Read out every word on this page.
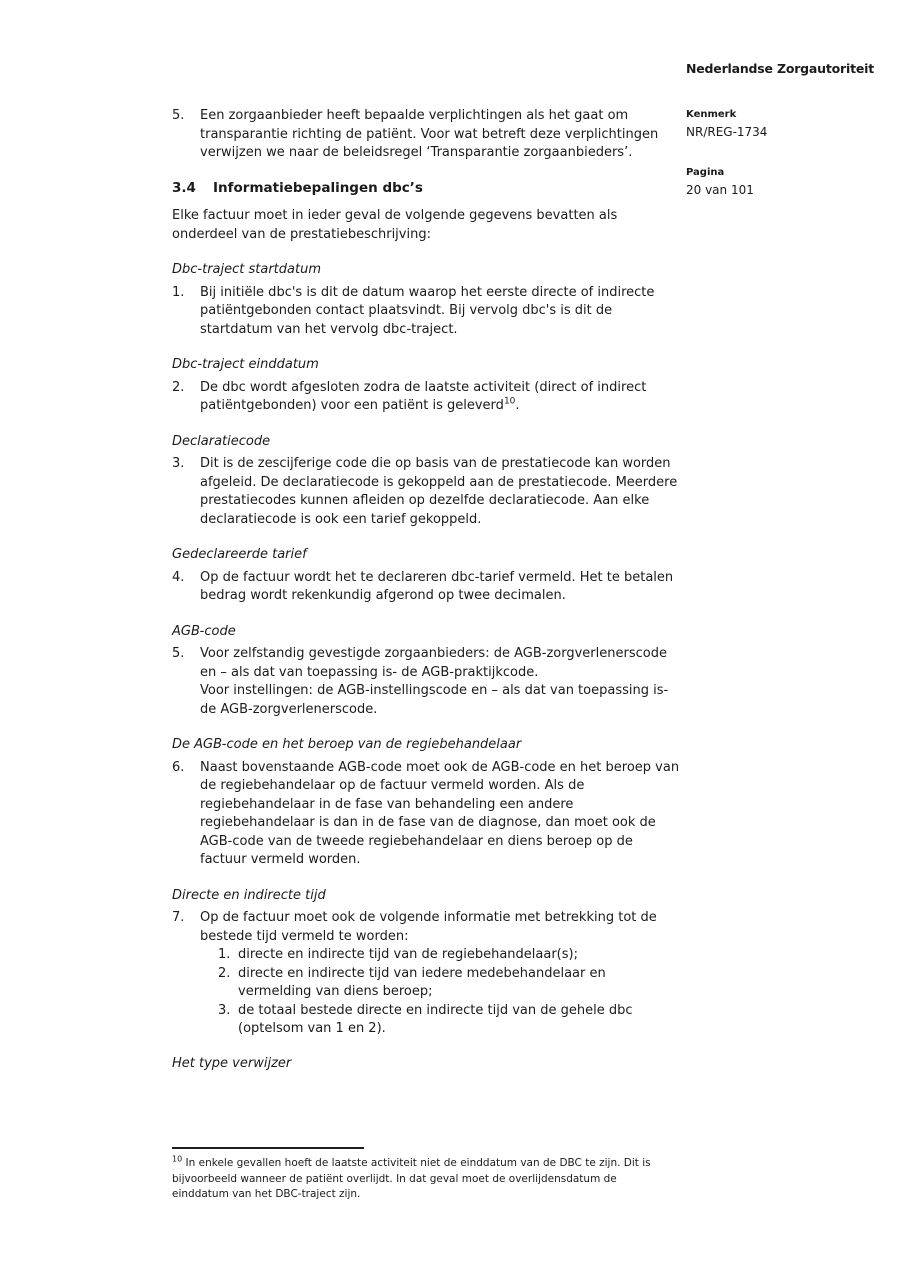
Nederlandse Zorgautoriteit
Kenmerk
NR/REG-1734
Pagina
20 van 101
5.	Een zorgaanbieder heeft bepaalde verplichtingen als het gaat om transparantie richting de patiënt. Voor wat betreft deze verplichtingen verwijzen we naar de beleidsregel ‘Transparantie zorgaanbieders’.
3.4	Informatiebepalingen dbc’s
Elke factuur moet in ieder geval de volgende gegevens bevatten als onderdeel van de prestatiebeschrijving:
Dbc-traject startdatum
1.	Bij initiële dbc's is dit de datum waarop het eerste directe of indirecte patiëntgebonden contact plaatsvindt. Bij vervolg dbc's is dit de startdatum van het vervolg dbc-traject.
Dbc-traject einddatum
2.	De dbc wordt afgesloten zodra de laatste activiteit (direct of indirect patiëntgebonden) voor een patiënt is geleverd$^{10}$.
Declaratiecode
3.	Dit is de zescijferige code die op basis van de prestatiecode kan worden afgeleid. De declaratiecode is gekoppeld aan de prestatiecode. Meerdere prestatiecodes kunnen afleiden op dezelfde declaratiecode. Aan elke declaratiecode is ook een tarief gekoppeld.
Gedeclareerde tarief
4.	Op de factuur wordt het te declareren dbc-tarief vermeld. Het te betalen bedrag wordt rekenkundig afgerond op twee decimalen.
AGB-code
5.	Voor zelfstandig gevestigde zorgaanbieders: de AGB-zorgverlenerscode en – als dat van toepassing is- de AGB-praktijkcode.
Voor instellingen: de AGB-instellingscode en – als dat van toepassing is- de AGB-zorgverlenerscode.
De AGB-code en het beroep van de regiebehandelaar
6.	Naast bovenstaande AGB-code moet ook de AGB-code en het beroep van de regiebehandelaar op de factuur vermeld worden. Als de regiebehandelaar in de fase van behandeling een andere regiebehandelaar is dan in de fase van de diagnose, dan moet ook de AGB-code van de tweede regiebehandelaar en diens beroep op de factuur vermeld worden.
Directe en indirecte tijd
7.	Op de factuur moet ook de volgende informatie met betrekking tot de bestede tijd vermeld te worden:
1. directe en indirecte tijd van de regiebehandelaar(s);
2. directe en indirecte tijd van iedere medebehandelaar en vermelding van diens beroep;
3. de totaal bestede directe en indirecte tijd van de gehele dbc (optelsom van 1 en 2).
Het type verwijzer
$^{10}$ In enkele gevallen hoeft de laatste activiteit niet de einddatum van de DBC te zijn. Dit is
bijvoorbeeld wanneer de patiënt overlijdt. In dat geval moet de overlijdensdatum de
einddatum van het DBC-traject zijn.
